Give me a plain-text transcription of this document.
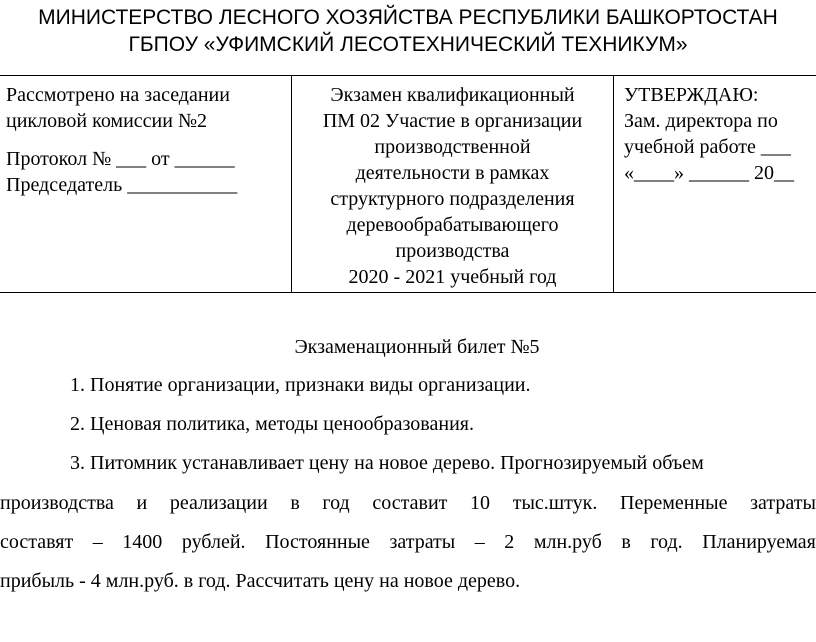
МИНИСТЕРСТВО ЛЕСНОГО ХОЗЯЙСТВА РЕСПУБЛИКИ БАШКОРТОСТАН
ГБПОУ «УФИМСКИЙ ЛЕСОТЕХНИЧЕСКИЙ ТЕХНИКУМ»
Рассмотрено на заседании
цикловой комиссии №2
Протокол № ___ от ______
Председатель ___________
Экзамен квалификационный
ПМ 02 Участие в организации
производственной
деятельности в рамках
структурного подразделения
деревообрабатывающего
производства
2020 - 2021 учебный год
УТВЕРЖДАЮ:
Зам. директора по
учебной работе ___
«____» ______ 20__
Экзаменационный билет №5
1. Понятие организации, признаки виды организации.
2. Ценовая политика, методы ценообразования.
3. Питомник устанавливает цену на новое дерево. Прогнозируемый объем
производства и реализации в год составит 10 тыс.штук. Переменные затраты
составят – 1400 рублей. Постоянные затраты – 2 млн.руб в год. Планируемая
прибыль - 4 млн.руб. в год. Рассчитать цену на новое дерево.
